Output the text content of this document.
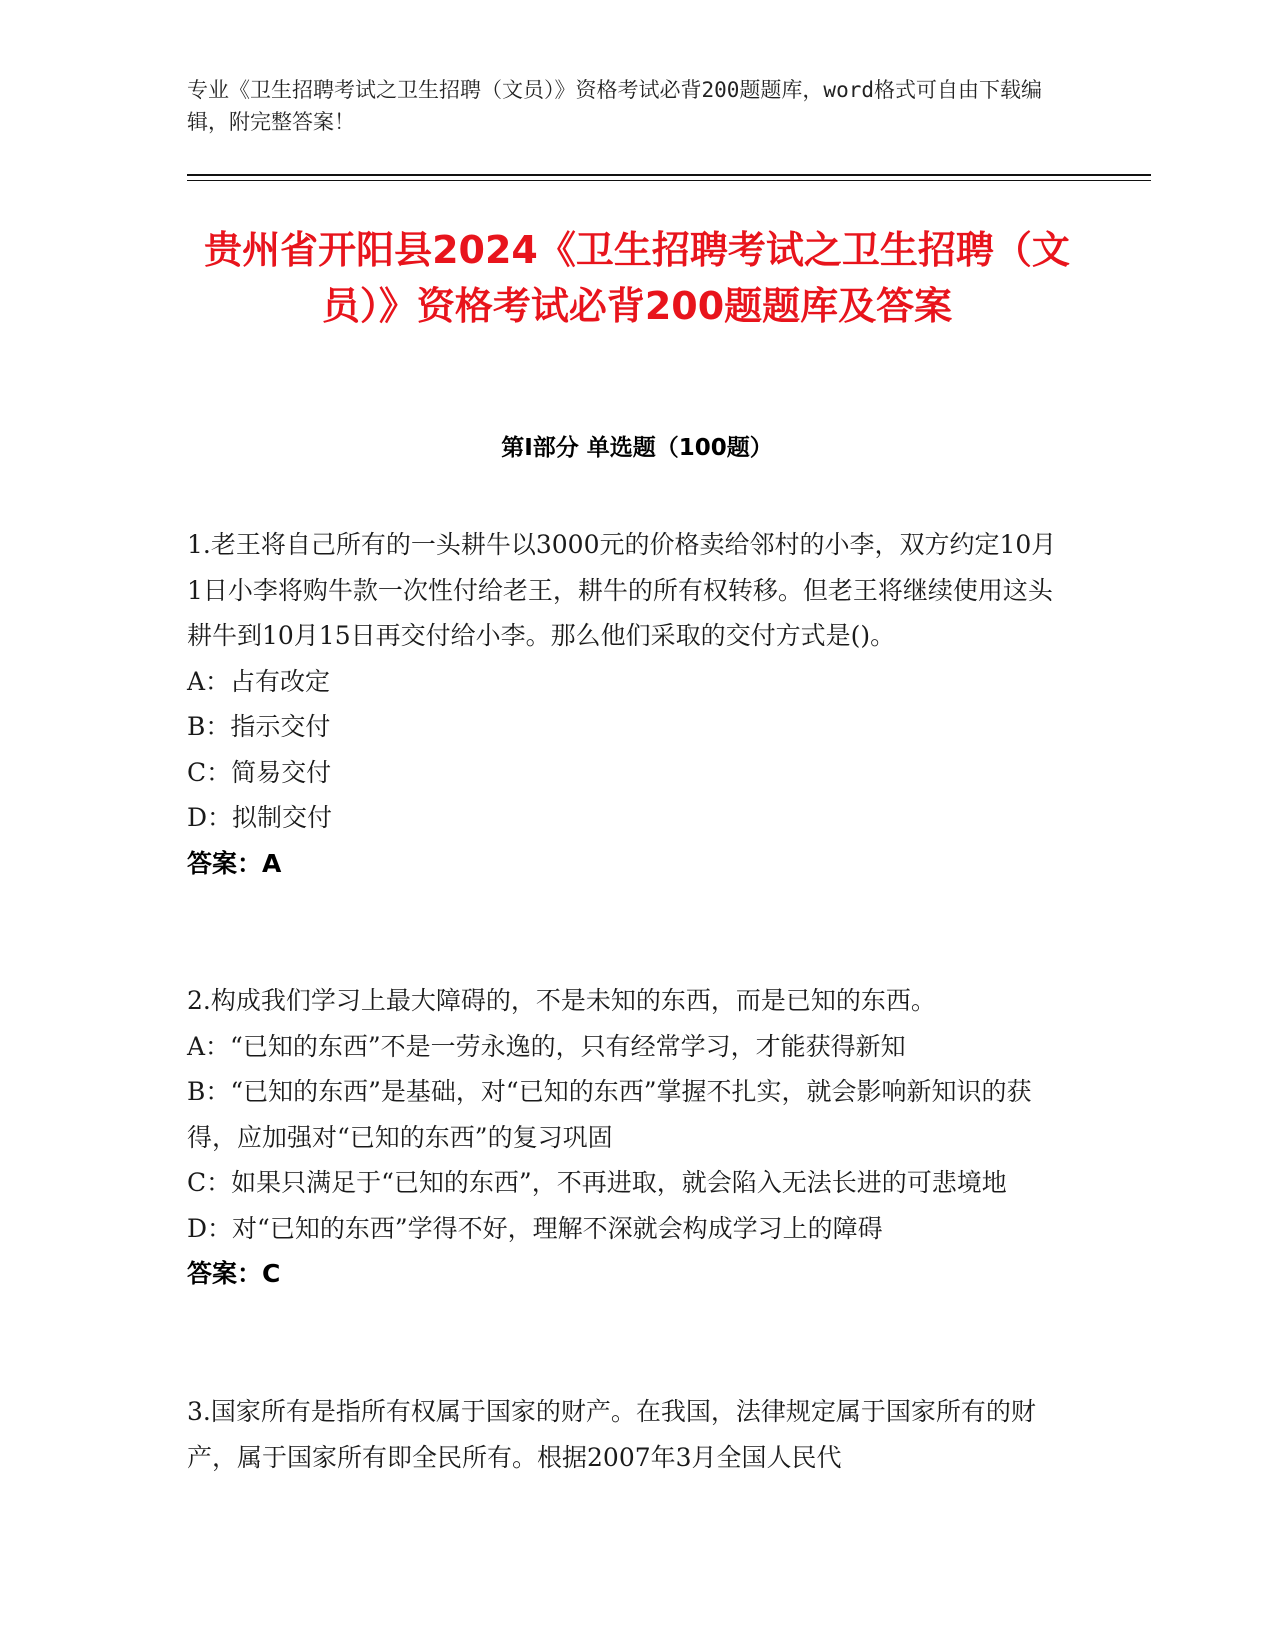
专业《卫生招聘考试之卫生招聘（文员）》资格考试必背200题题库，word格式可自由下载编辑，附完整答案！
贵州省开阳县2024《卫生招聘考试之卫生招聘（文员）》资格考试必背200题题库及答案
第Ⅰ部分 单选题（100题）
1.老王将自己所有的一头耕牛以3000元的价格卖给邻村的小李，双方约定10月1日小李将购牛款一次性付给老王，耕牛的所有权转移。但老王将继续使用这头耕牛到10月15日再交付给小李。那么他们采取的交付方式是()。
A：占有改定
B：指示交付
C：简易交付
D：拟制交付
答案：A
2.构成我们学习上最大障碍的，不是未知的东西，而是已知的东西。
A：“已知的东西”不是一劳永逸的，只有经常学习，才能获得新知
B：“已知的东西”是基础，对“已知的东西”掌握不扎实，就会影响新知识的获得，应加强对“已知的东西”的复习巩固
C：如果只满足于“已知的东西”，不再进取，就会陷入无法长进的可悲境地
D：对“已知的东西”学得不好，理解不深就会构成学习上的障碍
答案：C
3.国家所有是指所有权属于国家的财产。在我国，法律规定属于国家所有的财产，属于国家所有即全民所有。根据2007年3月全国人民代
